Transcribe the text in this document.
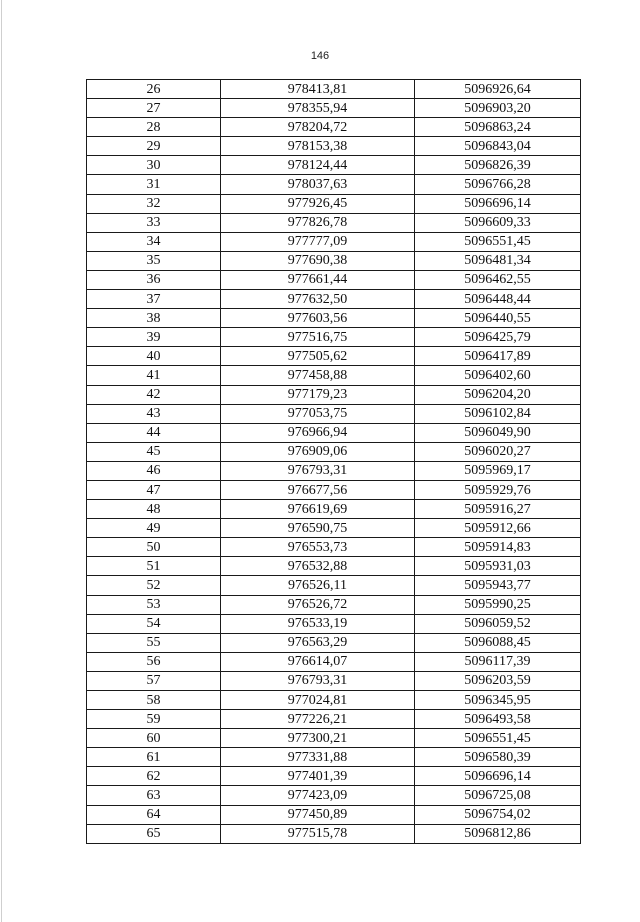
146
26	978413,81	5096926,64
27	978355,94	5096903,20
28	978204,72	5096863,24
29	978153,38	5096843,04
30	978124,44	5096826,39
31	978037,63	5096766,28
32	977926,45	5096696,14
33	977826,78	5096609,33
34	977777,09	5096551,45
35	977690,38	5096481,34
36	977661,44	5096462,55
37	977632,50	5096448,44
38	977603,56	5096440,55
39	977516,75	5096425,79
40	977505,62	5096417,89
41	977458,88	5096402,60
42	977179,23	5096204,20
43	977053,75	5096102,84
44	976966,94	5096049,90
45	976909,06	5096020,27
46	976793,31	5095969,17
47	976677,56	5095929,76
48	976619,69	5095916,27
49	976590,75	5095912,66
50	976553,73	5095914,83
51	976532,88	5095931,03
52	976526,11	5095943,77
53	976526,72	5095990,25
54	976533,19	5096059,52
55	976563,29	5096088,45
56	976614,07	5096117,39
57	976793,31	5096203,59
58	977024,81	5096345,95
59	977226,21	5096493,58
60	977300,21	5096551,45
61	977331,88	5096580,39
62	977401,39	5096696,14
63	977423,09	5096725,08
64	977450,89	5096754,02
65	977515,78	5096812,86
